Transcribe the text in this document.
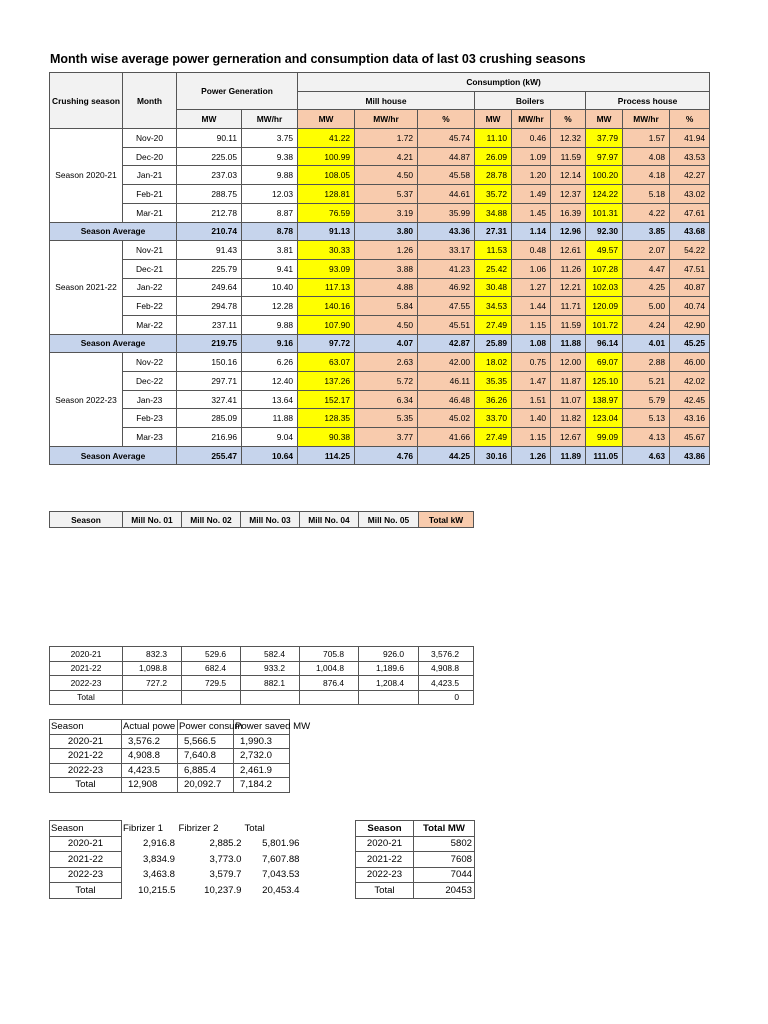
Month wise average power gerneration and consumption data of last 03 crushing seasons
Crushing season	Month	Power Generation		Consumption (kW)								
				Mill house			Boilers			Process house		
		MW	MW/hr	MW	MW/hr	%	MW	MW/hr	%	MW	MW/hr	%
Season 2020-21	Nov-20	90.11	3.75	41.22	1.72	45.74	11.10	0.46	12.32	37.79	1.57	41.94
	Dec-20	225.05	9.38	100.99	4.21	44.87	26.09	1.09	11.59	97.97	4.08	43.53
	Jan-21	237.03	9.88	108.05	4.50	45.58	28.78	1.20	12.14	100.20	4.18	42.27
	Feb-21	288.75	12.03	128.81	5.37	44.61	35.72	1.49	12.37	124.22	5.18	43.02
	Mar-21	212.78	8.87	76.59	3.19	35.99	34.88	1.45	16.39	101.31	4.22	47.61
Season Average		210.74	8.78	91.13	3.80	43.36	27.31	1.14	12.96	92.30	3.85	43.68
Season 2021-22	Nov-21	91.43	3.81	30.33	1.26	33.17	11.53	0.48	12.61	49.57	2.07	54.22
	Dec-21	225.79	9.41	93.09	3.88	41.23	25.42	1.06	11.26	107.28	4.47	47.51
	Jan-22	249.64	10.40	117.13	4.88	46.92	30.48	1.27	12.21	102.03	4.25	40.87
	Feb-22	294.78	12.28	140.16	5.84	47.55	34.53	1.44	11.71	120.09	5.00	40.74
	Mar-22	237.11	9.88	107.90	4.50	45.51	27.49	1.15	11.59	101.72	4.24	42.90
Season Average		219.75	9.16	97.72	4.07	42.87	25.89	1.08	11.88	96.14	4.01	45.25
Season 2022-23	Nov-22	150.16	6.26	63.07	2.63	42.00	18.02	0.75	12.00	69.07	2.88	46.00
	Dec-22	297.71	12.40	137.26	5.72	46.11	35.35	1.47	11.87	125.10	5.21	42.02
	Jan-23	327.41	13.64	152.17	6.34	46.48	36.26	1.51	11.07	138.97	5.79	42.45
	Feb-23	285.09	11.88	128.35	5.35	45.02	33.70	1.40	11.82	123.04	5.13	43.16
	Mar-23	216.96	9.04	90.38	3.77	41.66	27.49	1.15	12.67	99.09	4.13	45.67
Season Average		255.47	10.64	114.25	4.76	44.25	30.16	1.26	11.89	111.05	4.63	43.86
Season	Mill No. 01	Mill No. 02	Mill No. 03	Mill No. 04	Mill No. 05	Total kW
2020-21	832.3	529.6	582.4	705.8	926.0	3,576.2
2021-22	1,098.8	682.4	933.2	1,004.8	1,189.6	4,908.8
2022-23	727.2	729.5	882.1	876.4	1,208.4	4,423.5
Total						0
Season	Actual powe	Power consum	Power saved MW
2020-21	3,576.2	5,566.5	1,990.3
2021-22	4,908.8	7,640.8	2,732.0
2022-23	4,423.5	6,885.4	2,461.9
Total	12,908	20,092.7	7,184.2
Season	Fibrizer 1	Fibrizer 2	Total
2020-21	2,916.8	2,885.2	5,801.96
2021-22	3,834.9	3,773.0	7,607.88
2022-23	3,463.8	3,579.7	7,043.53
Total	10,215.5	10,237.9	20,453.4
Season	Total MW
2020-21	5802
2021-22	7608
2022-23	7044
Total	20453
